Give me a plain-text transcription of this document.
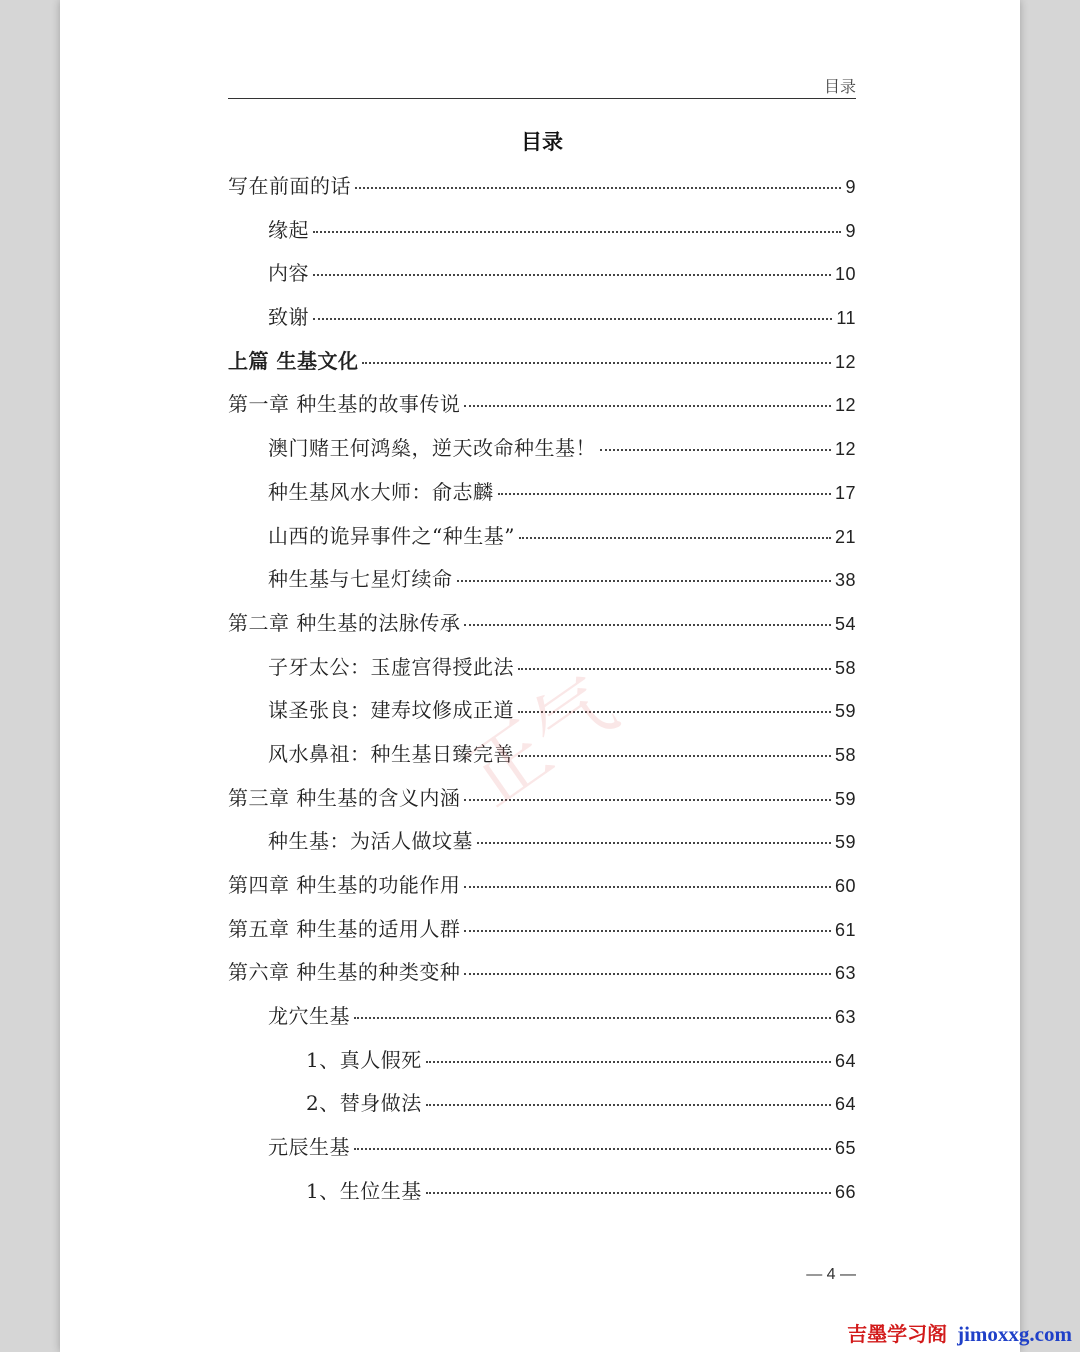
目录
目录
写在前面的话	9
缘起	9
内容	10
致谢	11
上篇 生基文化	12
第一章 种生基的故事传说	12
澳门赌王何鸿燊，逆天改命种生基！	12
种生基风水大师：俞志麟	17
山西的诡异事件之“种生基”	21
种生基与七星灯续命	38
第二章 种生基的法脉传承	54
子牙太公：玉虚宫得授此法	58
谋圣张良：建寿坟修成正道	59
风水鼻祖：种生基日臻完善	58
第三章 种生基的含义内涵	59
种生基：为活人做坟墓	59
第四章 种生基的功能作用	60
第五章 种生基的适用人群	61
第六章 种生基的种类变种	63
龙穴生基	63
1、真人假死	64
2、替身做法	64
元辰生基	65
1、生位生基	66
正气
— 4 —
吉墨学习阁 jimoxxg.com
